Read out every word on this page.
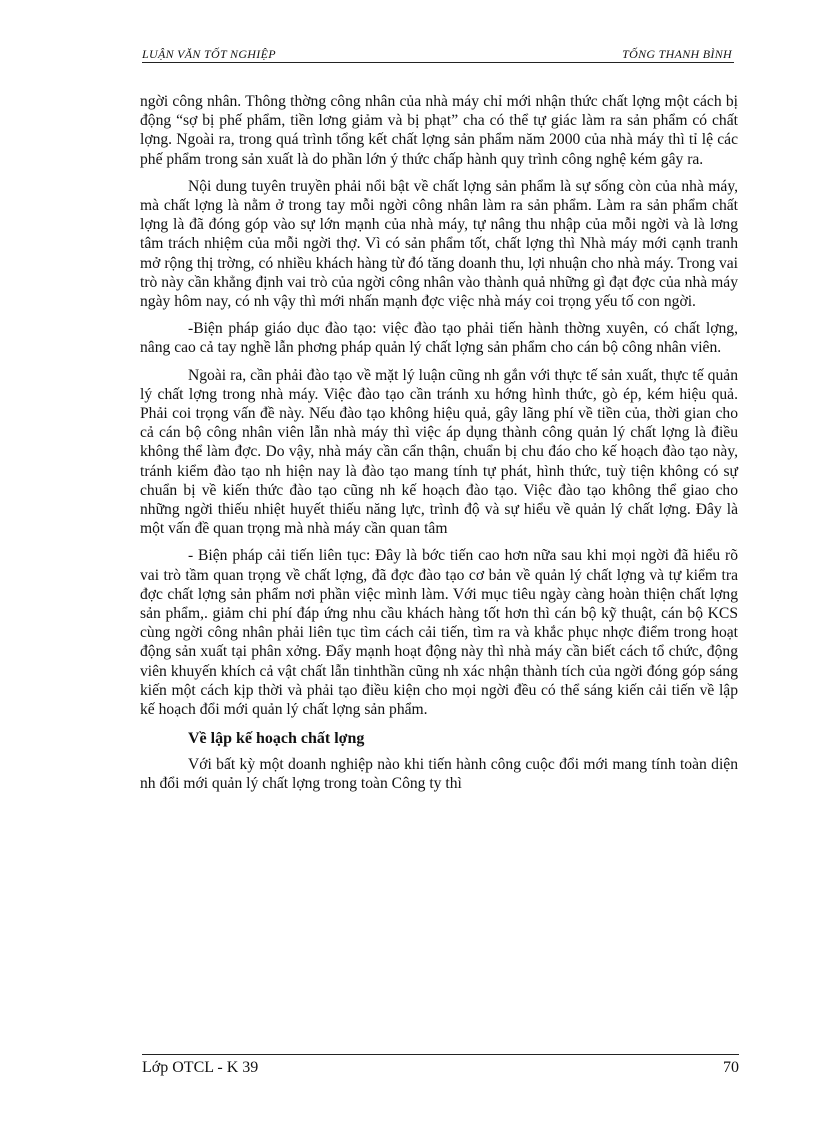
LUẬN VĂN TỐT NGHIỆP	TỐNG THANH BÌNH

ngời công nhân. Thông thờng công nhân của nhà máy chỉ mới nhận thức chất lợng một cách bị động “sợ bị phế phẩm, tiền lơng giảm và bị phạt” cha có thể tự giác làm ra sản phẩm có chất lợng. Ngoài ra, trong quá trình tổng kết chất lợng sản phẩm năm 2000 của nhà máy thì tỉ lệ các phế phẩm trong sản xuất là do phần lớn ý thức chấp hành quy trình công nghệ kém gây ra.

Nội dung tuyên truyền phải nổi bật về chất lợng sản phẩm là sự sống còn của nhà máy, mà chất lợng là nằm ở trong tay mỗi ngời công nhân làm ra sản phẩm. Làm ra sản phẩm chất lợng là đã đóng góp vào sự lớn mạnh của nhà máy, tự nâng thu nhập của mỗi ngời và là lơng tâm trách nhiệm của mỗi ngời thợ. Vì có sản phẩm tốt, chất lợng thì Nhà máy mới cạnh tranh mở rộng thị trờng, có nhiều khách hàng từ đó tăng doanh thu, lợi nhuận cho nhà máy. Trong vai trò này cần khẳng định vai trò của ngời công nhân vào thành quả những gì đạt đợc của nhà máy ngày hôm nay, có nh vậy thì mới nhấn mạnh đợc việc nhà máy coi trọng yếu tố con ngời.

-Biện pháp giáo dục đào tạo: việc đào tạo phải tiến hành thờng xuyên, có chất lợng, nâng cao cả tay nghề lẫn phơng pháp quản lý chất lợng sản phẩm cho cán bộ công nhân viên.

Ngoài ra, cần phải đào tạo về mặt lý luận cũng nh gắn với thực tế sản xuất, thực tế quản lý chất lợng trong nhà máy. Việc đào tạo cần tránh xu hớng hình thức, gò ép, kém hiệu quả. Phải coi trọng vấn đề này. Nếu đào tạo không hiệu quả, gây lãng phí về tiền của, thời gian cho cả cán bộ công nhân viên lẫn nhà máy thì việc áp dụng thành công quản lý chất lợng là điều không thể làm đợc. Do vậy, nhà máy cần cẩn thận, chuẩn bị chu đáo cho kế hoạch đào tạo này, tránh kiểm đào tạo nh hiện nay là đào tạo mang tính tự phát, hình thức, tuỳ tiện không có sự chuẩn bị về kiến thức đào tạo cũng nh kế hoạch đào tạo. Việc đào tạo không thể giao cho những ngời thiếu nhiệt huyết thiếu năng lực, trình độ và sự hiểu về quản lý chất lợng. Đây là một vấn đề quan trọng mà nhà máy cần quan tâm

- Biện pháp cải tiến liên tục: Đây là bớc tiến cao hơn nữa sau khi mọi ngời đã hiểu rõ vai trò tầm quan trọng về chất lợng, đã đợc đào tạo cơ bản về quản lý chất lợng và tự kiểm tra đợc chất lợng sản phẩm nơi phần việc mình làm. Với mục tiêu ngày càng hoàn thiện chất lợng sản phẩm,. giảm chi phí đáp ứng nhu cầu khách hàng tốt hơn thì cán bộ kỹ thuật, cán bộ KCS cùng ngời công nhân phải liên tục tìm cách cải tiến, tìm ra và khắc phục nhợc điểm trong hoạt động sản xuất tại phân xởng. Đẩy mạnh hoạt động này thì nhà máy cần biết cách tổ chức, động viên khuyến khích cả vật chất lẫn tinhthần cũng nh xác nhận thành tích của ngời đóng góp sáng kiến một cách kịp thời và phải tạo điều kiện cho mọi ngời đều có thể sáng kiến cải tiến về lập kế hoạch đổi mới quản lý chất lợng sản phẩm.

Về lập kế hoạch chất lợng

Với bất kỳ một doanh nghiệp nào khi tiến hành công cuộc đổi mới mang tính toàn diện nh đổi mới quản lý chất lợng trong toàn Công ty thì

Lớp OTCL - K 39	70
